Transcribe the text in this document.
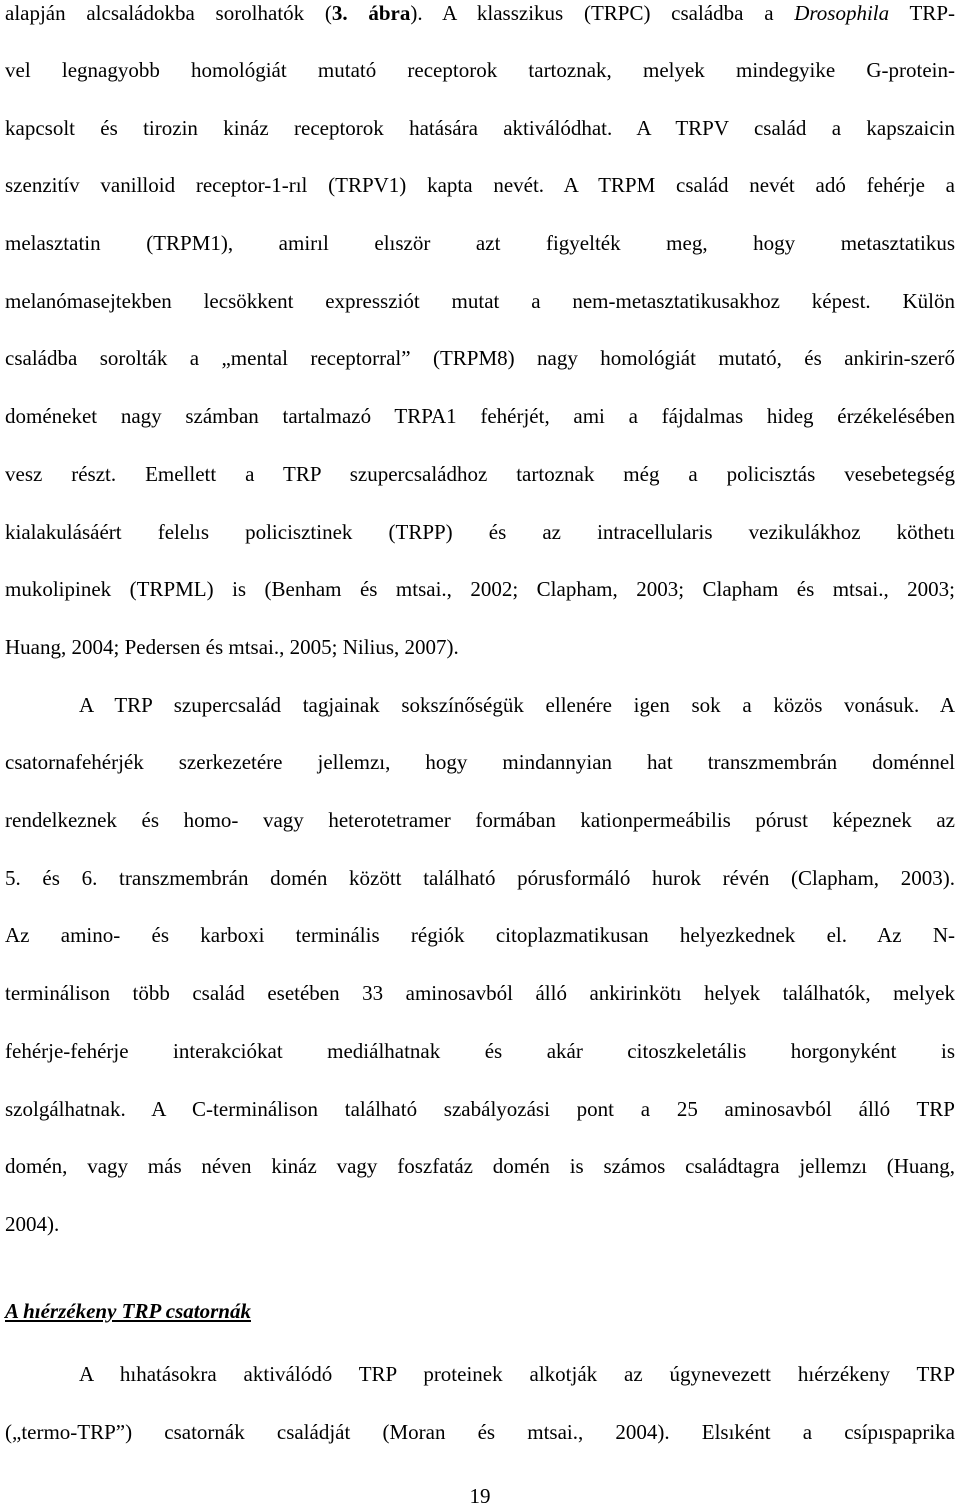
alapján alcsaládokba sorolhatók (3. ábra). A klasszikus (TRPC) családba a Drosophila TRP-
vel legnagyobb homológiát mutató receptorok tartoznak, melyek mindegyike G-protein-
kapcsolt és tirozin kináz receptorok hatására aktiválódhat. A TRPV család a kapszaicin
szenzitív vanilloid receptor-1-rıl (TRPV1) kapta nevét. A TRPM család nevét adó fehérje a
melasztatin (TRPM1), amirıl elıször azt figyelték meg, hogy metasztatikus
melanómasejtekben lecsökkent expressziót mutat a nem-metasztatikusakhoz képest. Külön
családba sorolták a „mental receptorral” (TRPM8) nagy homológiát mutató, és ankirin-szerő
doméneket nagy számban tartalmazó TRPA1 fehérjét, ami a fájdalmas hideg érzékelésében
vesz részt. Emellett a TRP szupercsaládhoz tartoznak még a policisztás vesebetegség
kialakulásáért felelıs policisztinek (TRPP) és az intracellularis vezikulákhoz köthetı
mukolipinek (TRPML) is (Benham és mtsai., 2002; Clapham, 2003; Clapham és mtsai., 2003;
Huang, 2004; Pedersen és mtsai., 2005; Nilius, 2007).
A TRP szupercsalád tagjainak sokszínőségük ellenére igen sok a közös vonásuk. A
csatornafehérjék szerkezetére jellemzı, hogy mindannyian hat transzmembrán doménnel
rendelkeznek és homo- vagy heterotetramer formában kationpermeábilis pórust képeznek az
5. és 6. transzmembrán domén között található pórusformáló hurok révén (Clapham, 2003).
Az amino- és karboxi terminális régiók citoplazmatikusan helyezkednek el. Az N-
terminálison több család esetében 33 aminosavból álló ankirinkötı helyek találhatók, melyek
fehérje-fehérje interakciókat mediálhatnak és akár citoszkeletális horgonyként is
szolgálhatnak. A C-terminálison található szabályozási pont a 25 aminosavból álló TRP
domén, vagy más néven kináz vagy foszfatáz domén is számos családtagra jellemzı (Huang,
2004).
A hıérzékeny TRP csatornák
A hıhatásokra aktiválódó TRP proteinek alkotják az úgynevezett hıérzékeny TRP
(„termo-TRP”) csatornák családját (Moran és mtsai., 2004). Elsıként a csípıspaprika
19
